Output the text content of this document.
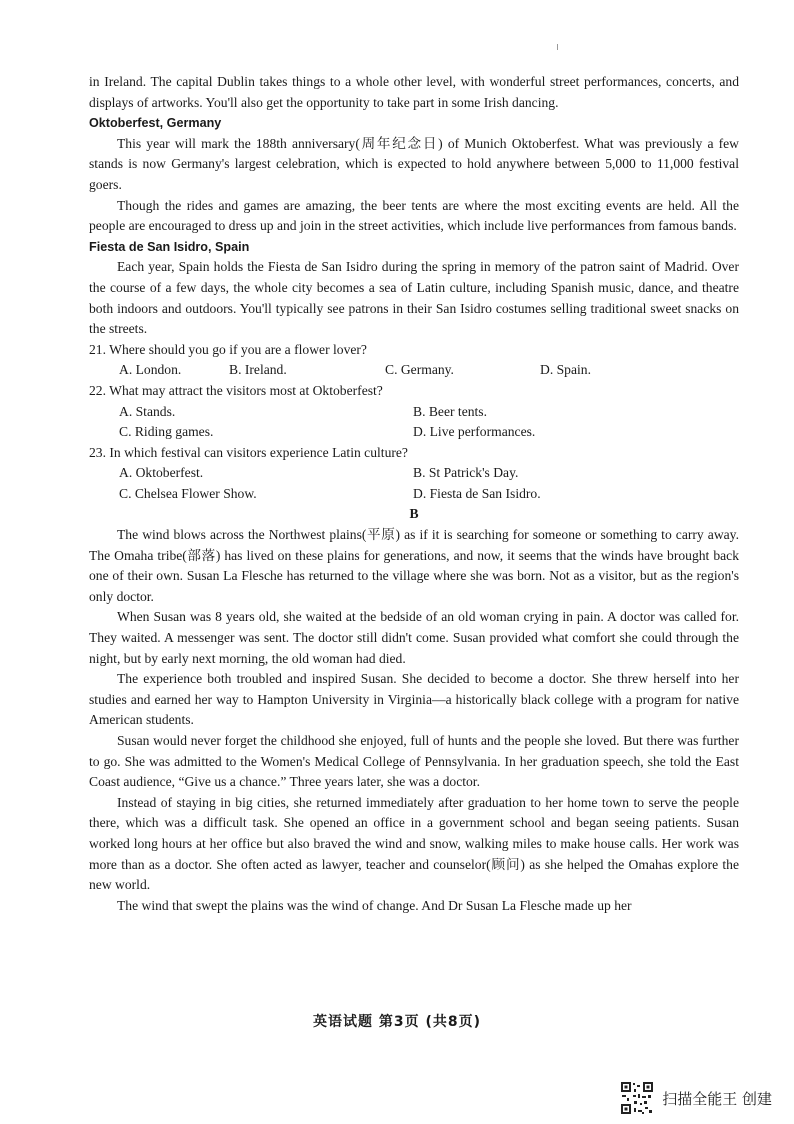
in Ireland. The capital Dublin takes things to a whole other level, with wonderful street performances, concerts, and displays of artworks. You'll also get the opportunity to take part in some Irish dancing.

Oktoberfest, Germany

This year will mark the 188th anniversary(周年纪念日) of Munich Oktoberfest. What was previously a few stands is now Germany's largest celebration, which is expected to hold anywhere between 5,000 to 11,000 festival goers.

Though the rides and games are amazing, the beer tents are where the most exciting events are held. All the people are encouraged to dress up and join in the street activities, which include live performances from famous bands.

Fiesta de San Isidro, Spain

Each year, Spain holds the Fiesta de San Isidro during the spring in memory of the patron saint of Madrid. Over the course of a few days, the whole city becomes a sea of Latin culture, including Spanish music, dance, and theatre both indoors and outdoors. You'll typically see patrons in their San Isidro costumes selling traditional sweet snacks on the streets.

21. Where should you go if you are a flower lover?

A. London.	B. Ireland.	C. Germany.	D. Spain.

22. What may attract the visitors most at Oktoberfest?

A. Stands.	B. Beer tents.
C. Riding games.	D. Live performances.

23. In which festival can visitors experience Latin culture?

A. Oktoberfest.	B. St Patrick's Day.
C. Chelsea Flower Show.	D. Fiesta de San Isidro.

B

The wind blows across the Northwest plains(平原) as if it is searching for someone or something to carry away. The Omaha tribe(部落) has lived on these plains for generations, and now, it seems that the winds have brought back one of their own. Susan La Flesche has returned to the village where she was born. Not as a visitor, but as the region's only doctor.

When Susan was 8 years old, she waited at the bedside of an old woman crying in pain. A doctor was called for. They waited. A messenger was sent. The doctor still didn't come. Susan provided what comfort she could through the night, but by early next morning, the old woman had died.

The experience both troubled and inspired Susan. She decided to become a doctor. She threw herself into her studies and earned her way to Hampton University in Virginia—a historically black college with a program for native American students.

Susan would never forget the childhood she enjoyed, full of hunts and the people she loved. But there was further to go. She was admitted to the Women's Medical College of Pennsylvania. In her graduation speech, she told the East Coast audience, “Give us a chance.” Three years later, she was a doctor.

Instead of staying in big cities, she returned immediately after graduation to her home town to serve the people there, which was a difficult task. She opened an office in a government school and began seeing patients. Susan worked long hours at her office but also braved the wind and snow, walking miles to make house calls. Her work was more than as a doctor. She often acted as lawyer, teacher and counselor(顾问) as she helped the Omahas explore the new world.

The wind that swept the plains was the wind of change. And Dr Susan La Flesche made up her

英语试题 第3页 (共8页)
扫描全能王 创建
